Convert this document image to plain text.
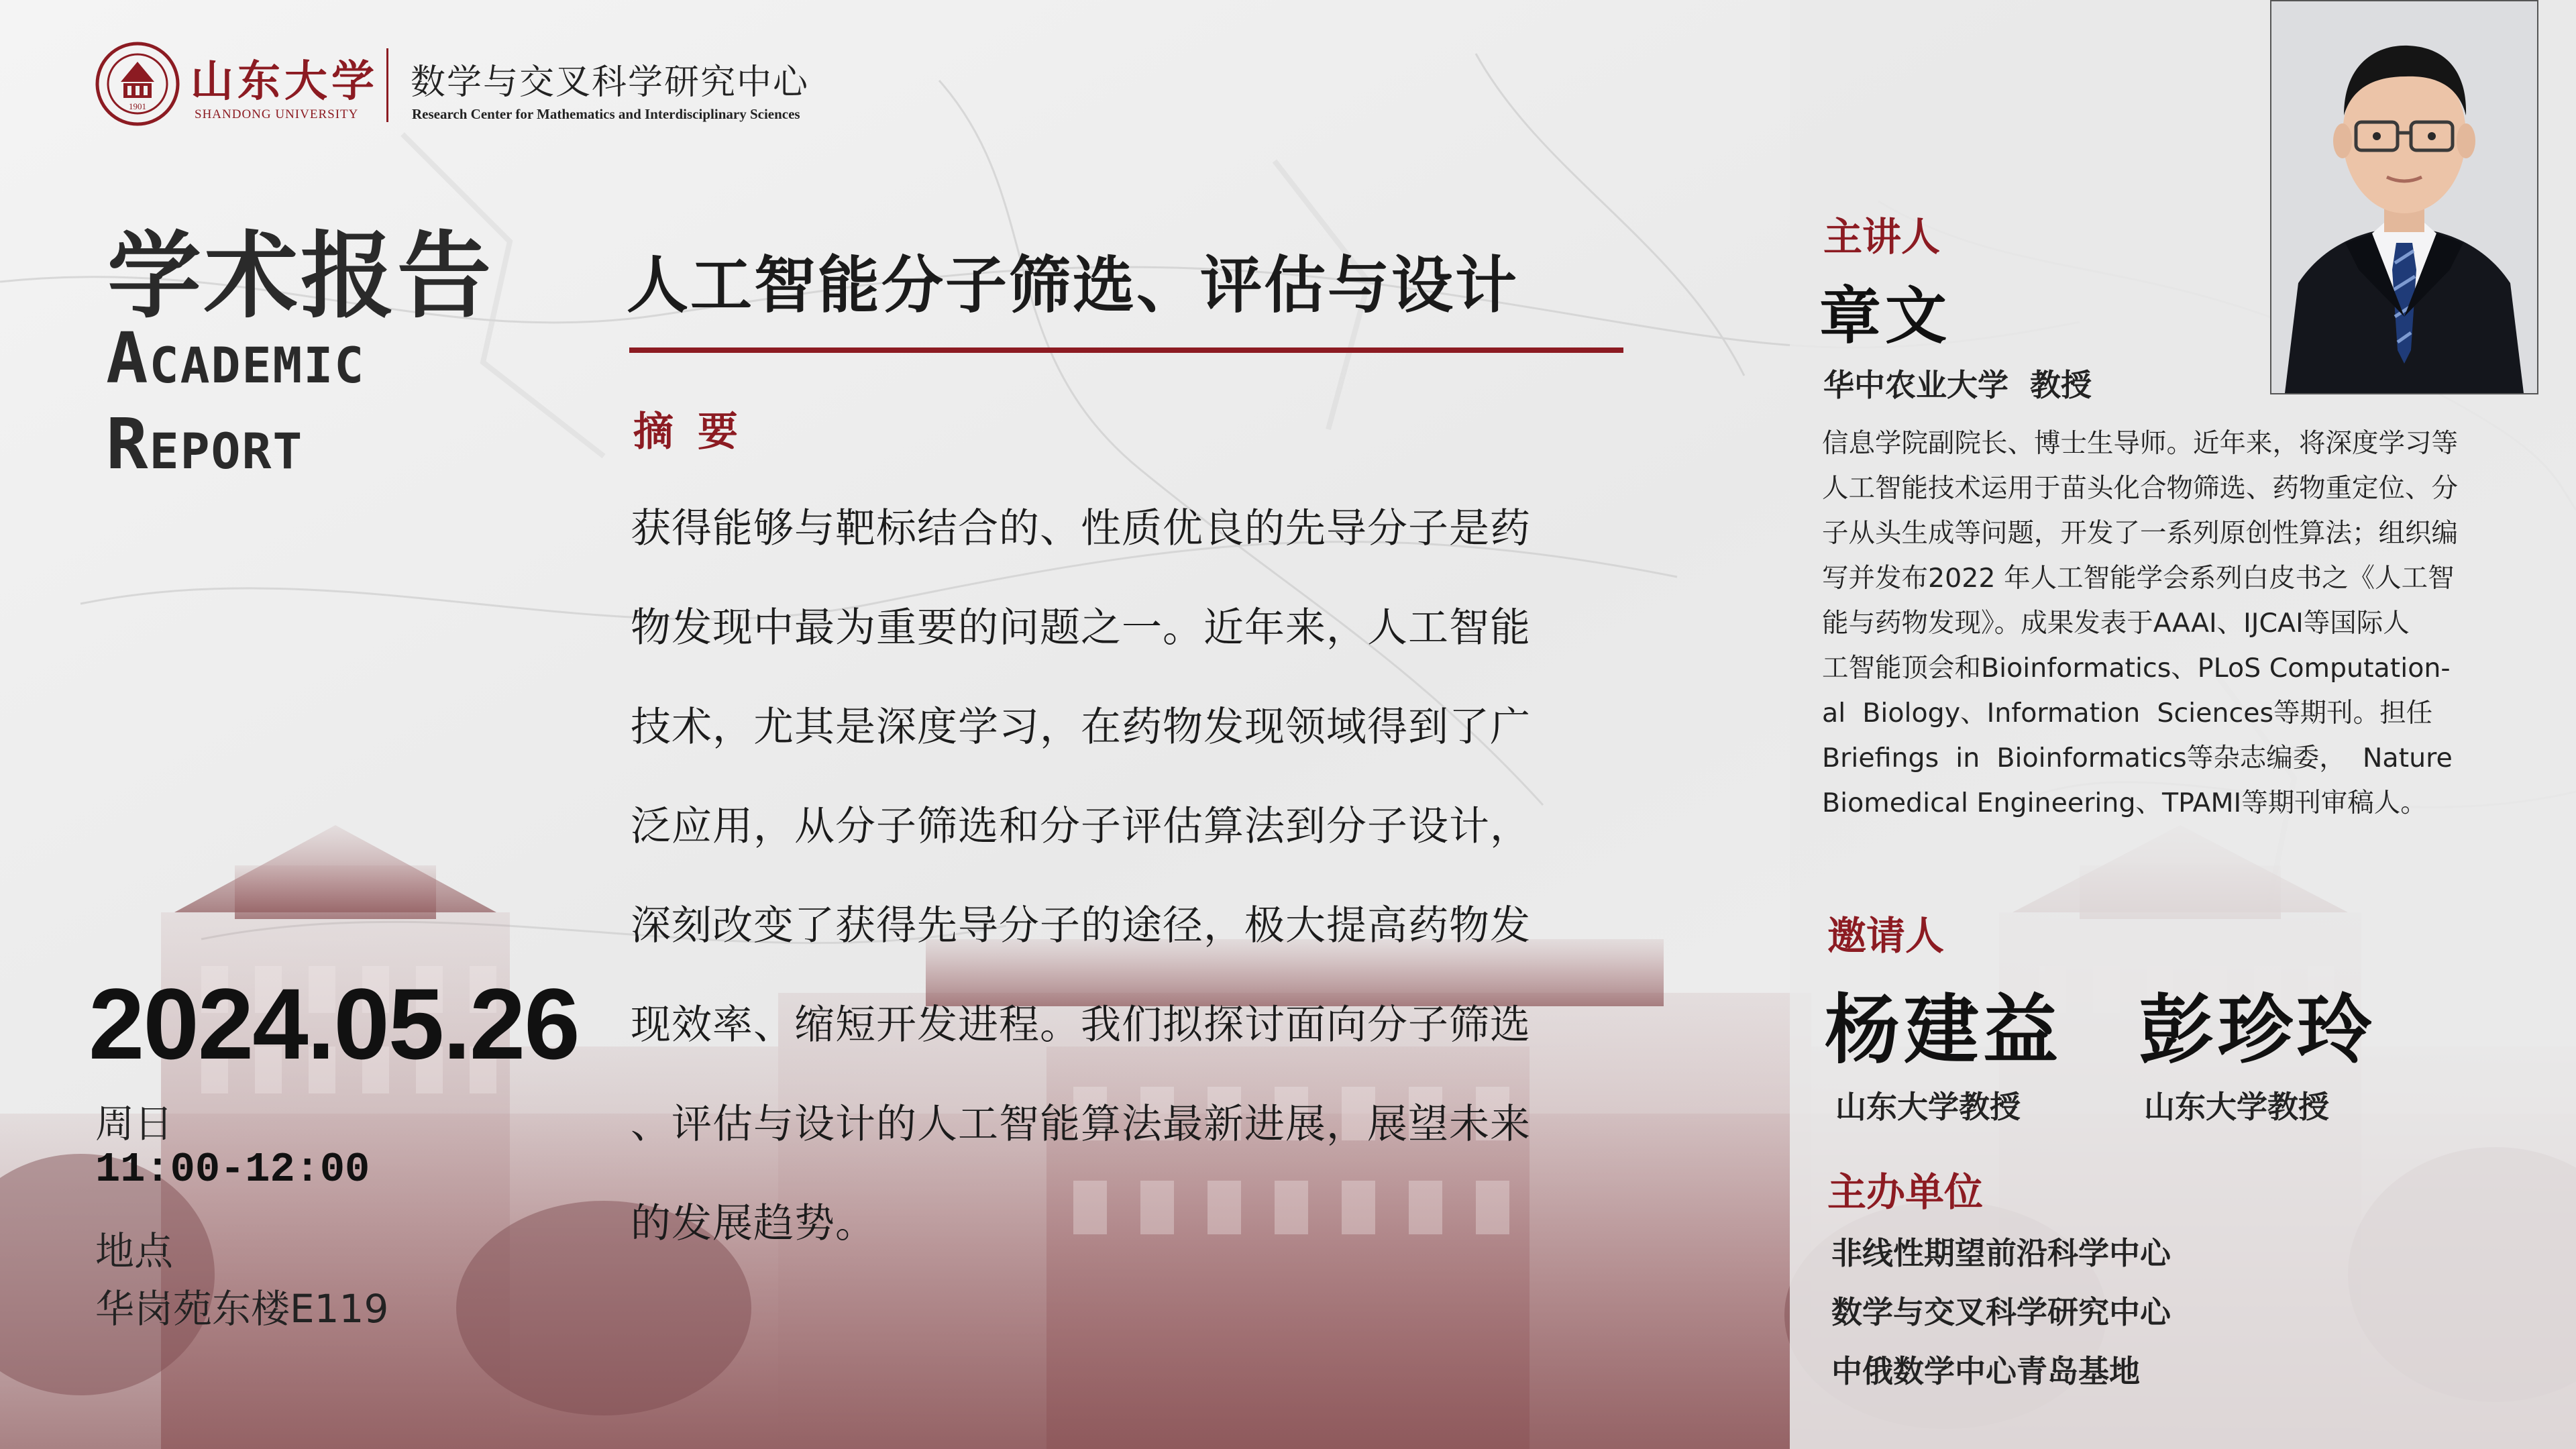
1901 山东大学
SHANDONG UNIVERSITY
数学与交叉科学研究中心
Research Center for Mathematics and Interdisciplinary Sciences
学术报告
Academic
Report
2024.05.26
周日
11:00-12:00
地点
华岗苑东楼E119
人工智能分子筛选、评估与设计
摘要
获得能够与靶标结合的、性质优良的先导分子是药
物发现中最为重要的问题之一。近年来，人工智能
技术，尤其是深度学习，在药物发现领域得到了广
泛应用，从分子筛选和分子评估算法到分子设计，
深刻改变了获得先导分子的途径，极大提高药物发
现效率、缩短开发进程。我们拟探讨面向分子筛选
、评估与设计的人工智能算法最新进展，展望未来
的发展趋势。
主讲人
章文
华中农业大学  教授
信息学院副院长、博士生导师。近年来，将深度学习等
人工智能技术运用于苗头化合物筛选、药物重定位、分
子从头生成等问题，开发了一系列原创性算法；组织编
写并发布2022 年人工智能学会系列白皮书之《人工智
能与药物发现》。成果发表于AAAI、IJCAI等国际人
工智能顶会和Bioinformatics、PLoS Computation-
al  Biology、Information  Sciences等期刊。担任
Briefings  in  Bioinformatics等杂志编委，  Nature
Biomedical Engineering、TPAMI等期刊审稿人。
邀请人
杨建益 彭珍玲
山东大学教授	山东大学教授
主办单位
非线性期望前沿科学中心
数学与交叉科学研究中心
中俄数学中心青岛基地
